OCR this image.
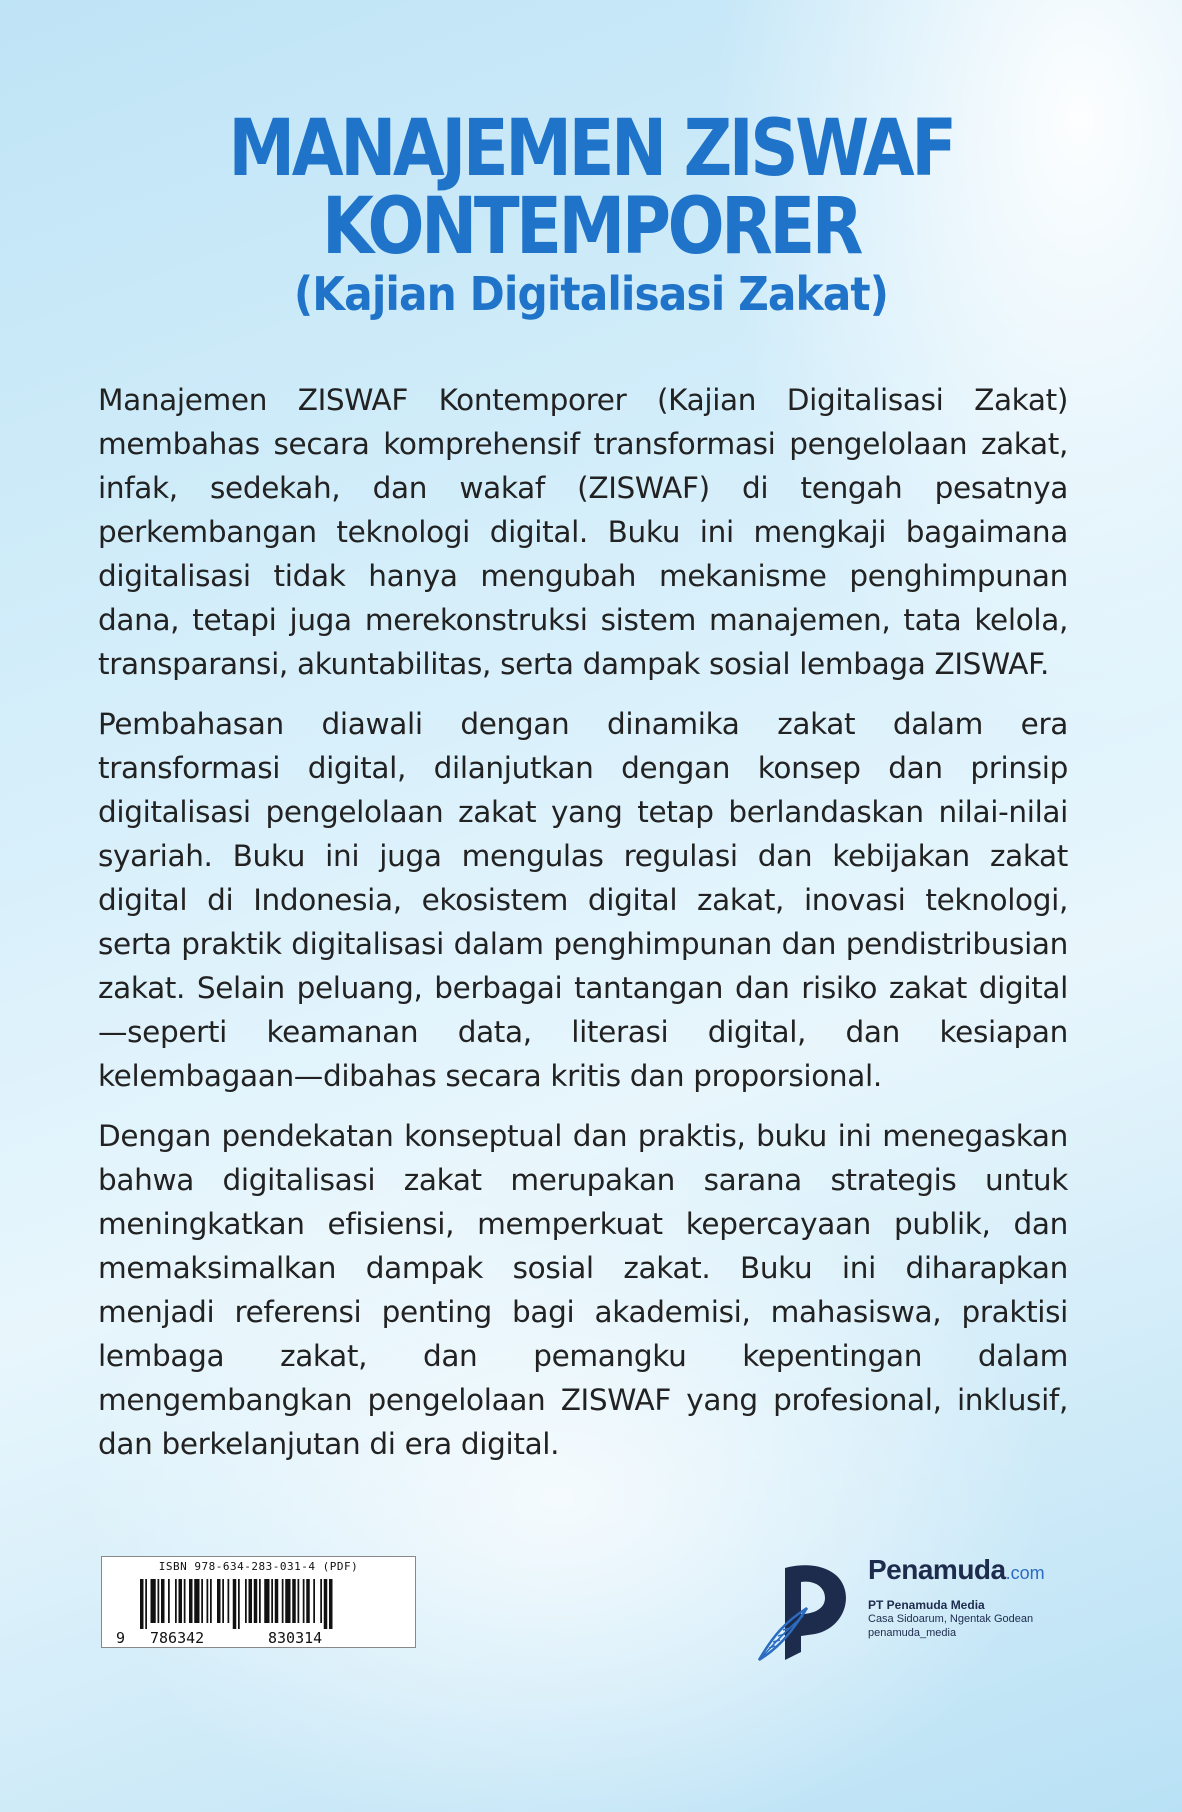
MANAJEMEN ZISWAF
KONTEMPORER
(Kajian Digitalisasi Zakat)

Manajemen ZISWAF Kontemporer (Kajian Digitalisasi Zakat) membahas secara komprehensif transformasi pengelolaan zakat, infak, sedekah, dan wakaf (ZISWAF) di tengah pesatnya perkembangan teknologi digital. Buku ini mengkaji bagaimana digitalisasi tidak hanya mengubah mekanisme penghimpunan dana, tetapi juga merekonstruksi sistem manajemen, tata kelola, transparansi, akuntabilitas, serta dampak sosial lembaga ZISWAF.

Pembahasan diawali dengan dinamika zakat dalam era transformasi digital, dilanjutkan dengan konsep dan prinsip digitalisasi pengelolaan zakat yang tetap berlandaskan nilai-nilai syariah. Buku ini juga mengulas regulasi dan kebijakan zakat digital di Indonesia, ekosistem digital zakat, inovasi teknologi, serta praktik digitalisasi dalam penghimpunan dan pendistribusian zakat. Selain peluang, berbagai tantangan dan risiko zakat digital—seperti keamanan data, literasi digital, dan kesiapan kelembagaan—dibahas secara kritis dan proporsional.

Dengan pendekatan konseptual dan praktis, buku ini menegaskan bahwa digitalisasi zakat merupakan sarana strategis untuk meningkatkan efisiensi, memperkuat kepercayaan publik, dan memaksimalkan dampak sosial zakat. Buku ini diharapkan menjadi referensi penting bagi akademisi, mahasiswa, praktisi lembaga zakat, dan pemangku kepentingan dalam mengembangkan pengelolaan ZISWAF yang profesional, inklusif, dan berkelanjutan di era digital.

ISBN 978-634-283-031-4 (PDF)
9 786342	830314
Penamuda.com
PT Penamuda Media
Casa Sidoarum, Ngentak Godean
penamuda_media
